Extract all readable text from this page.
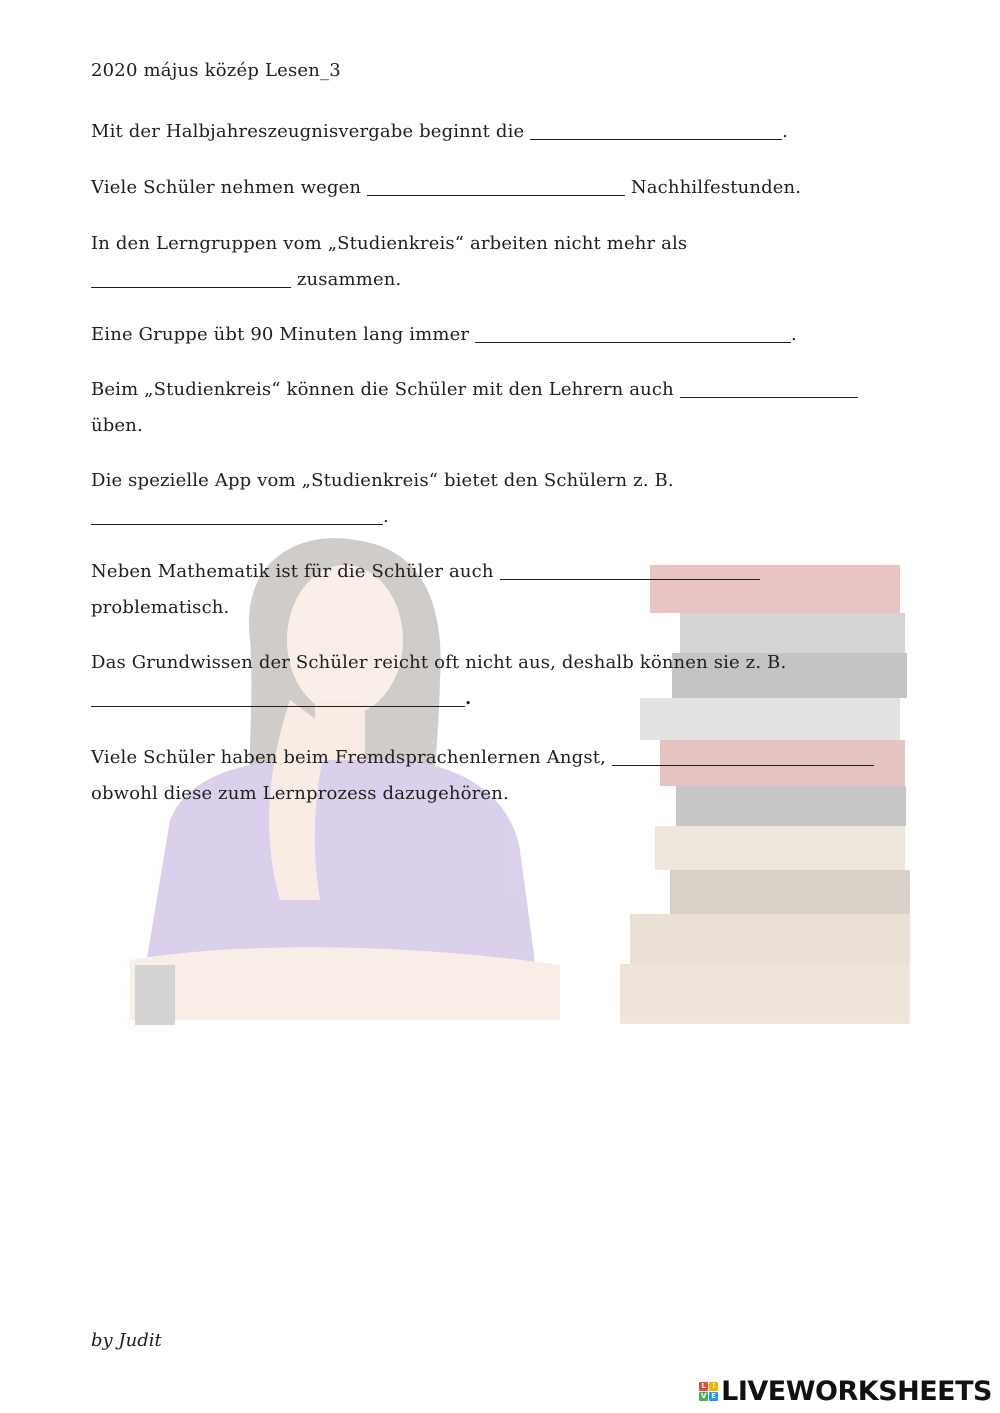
2020 május közép Lesen_3
Mit der Halbjahreszeugnisvergabe beginnt die	.
Viele Schüler nehmen wegen	Nachhilfestunden.
In den Lerngruppen vom „Studienkreis“ arbeiten nicht mehr als
zusammen.
Eine Gruppe übt 90 Minuten lang immer	.
Beim „Studienkreis“ können die Schüler mit den Lehrern auch
üben.
Die spezielle App vom „Studienkreis“ bietet den Schülern z. B.
.
Neben Mathematik ist für die Schüler auch
problematisch.
Das Grundwissen der Schüler reicht oft nicht aus, deshalb können sie z. B.
.
Viele Schüler haben beim Fremdsprachenlernen Angst,
obwohl diese zum Lernprozess dazugehören.
by Judit
L I
V E LIVEWORKSHEETS
